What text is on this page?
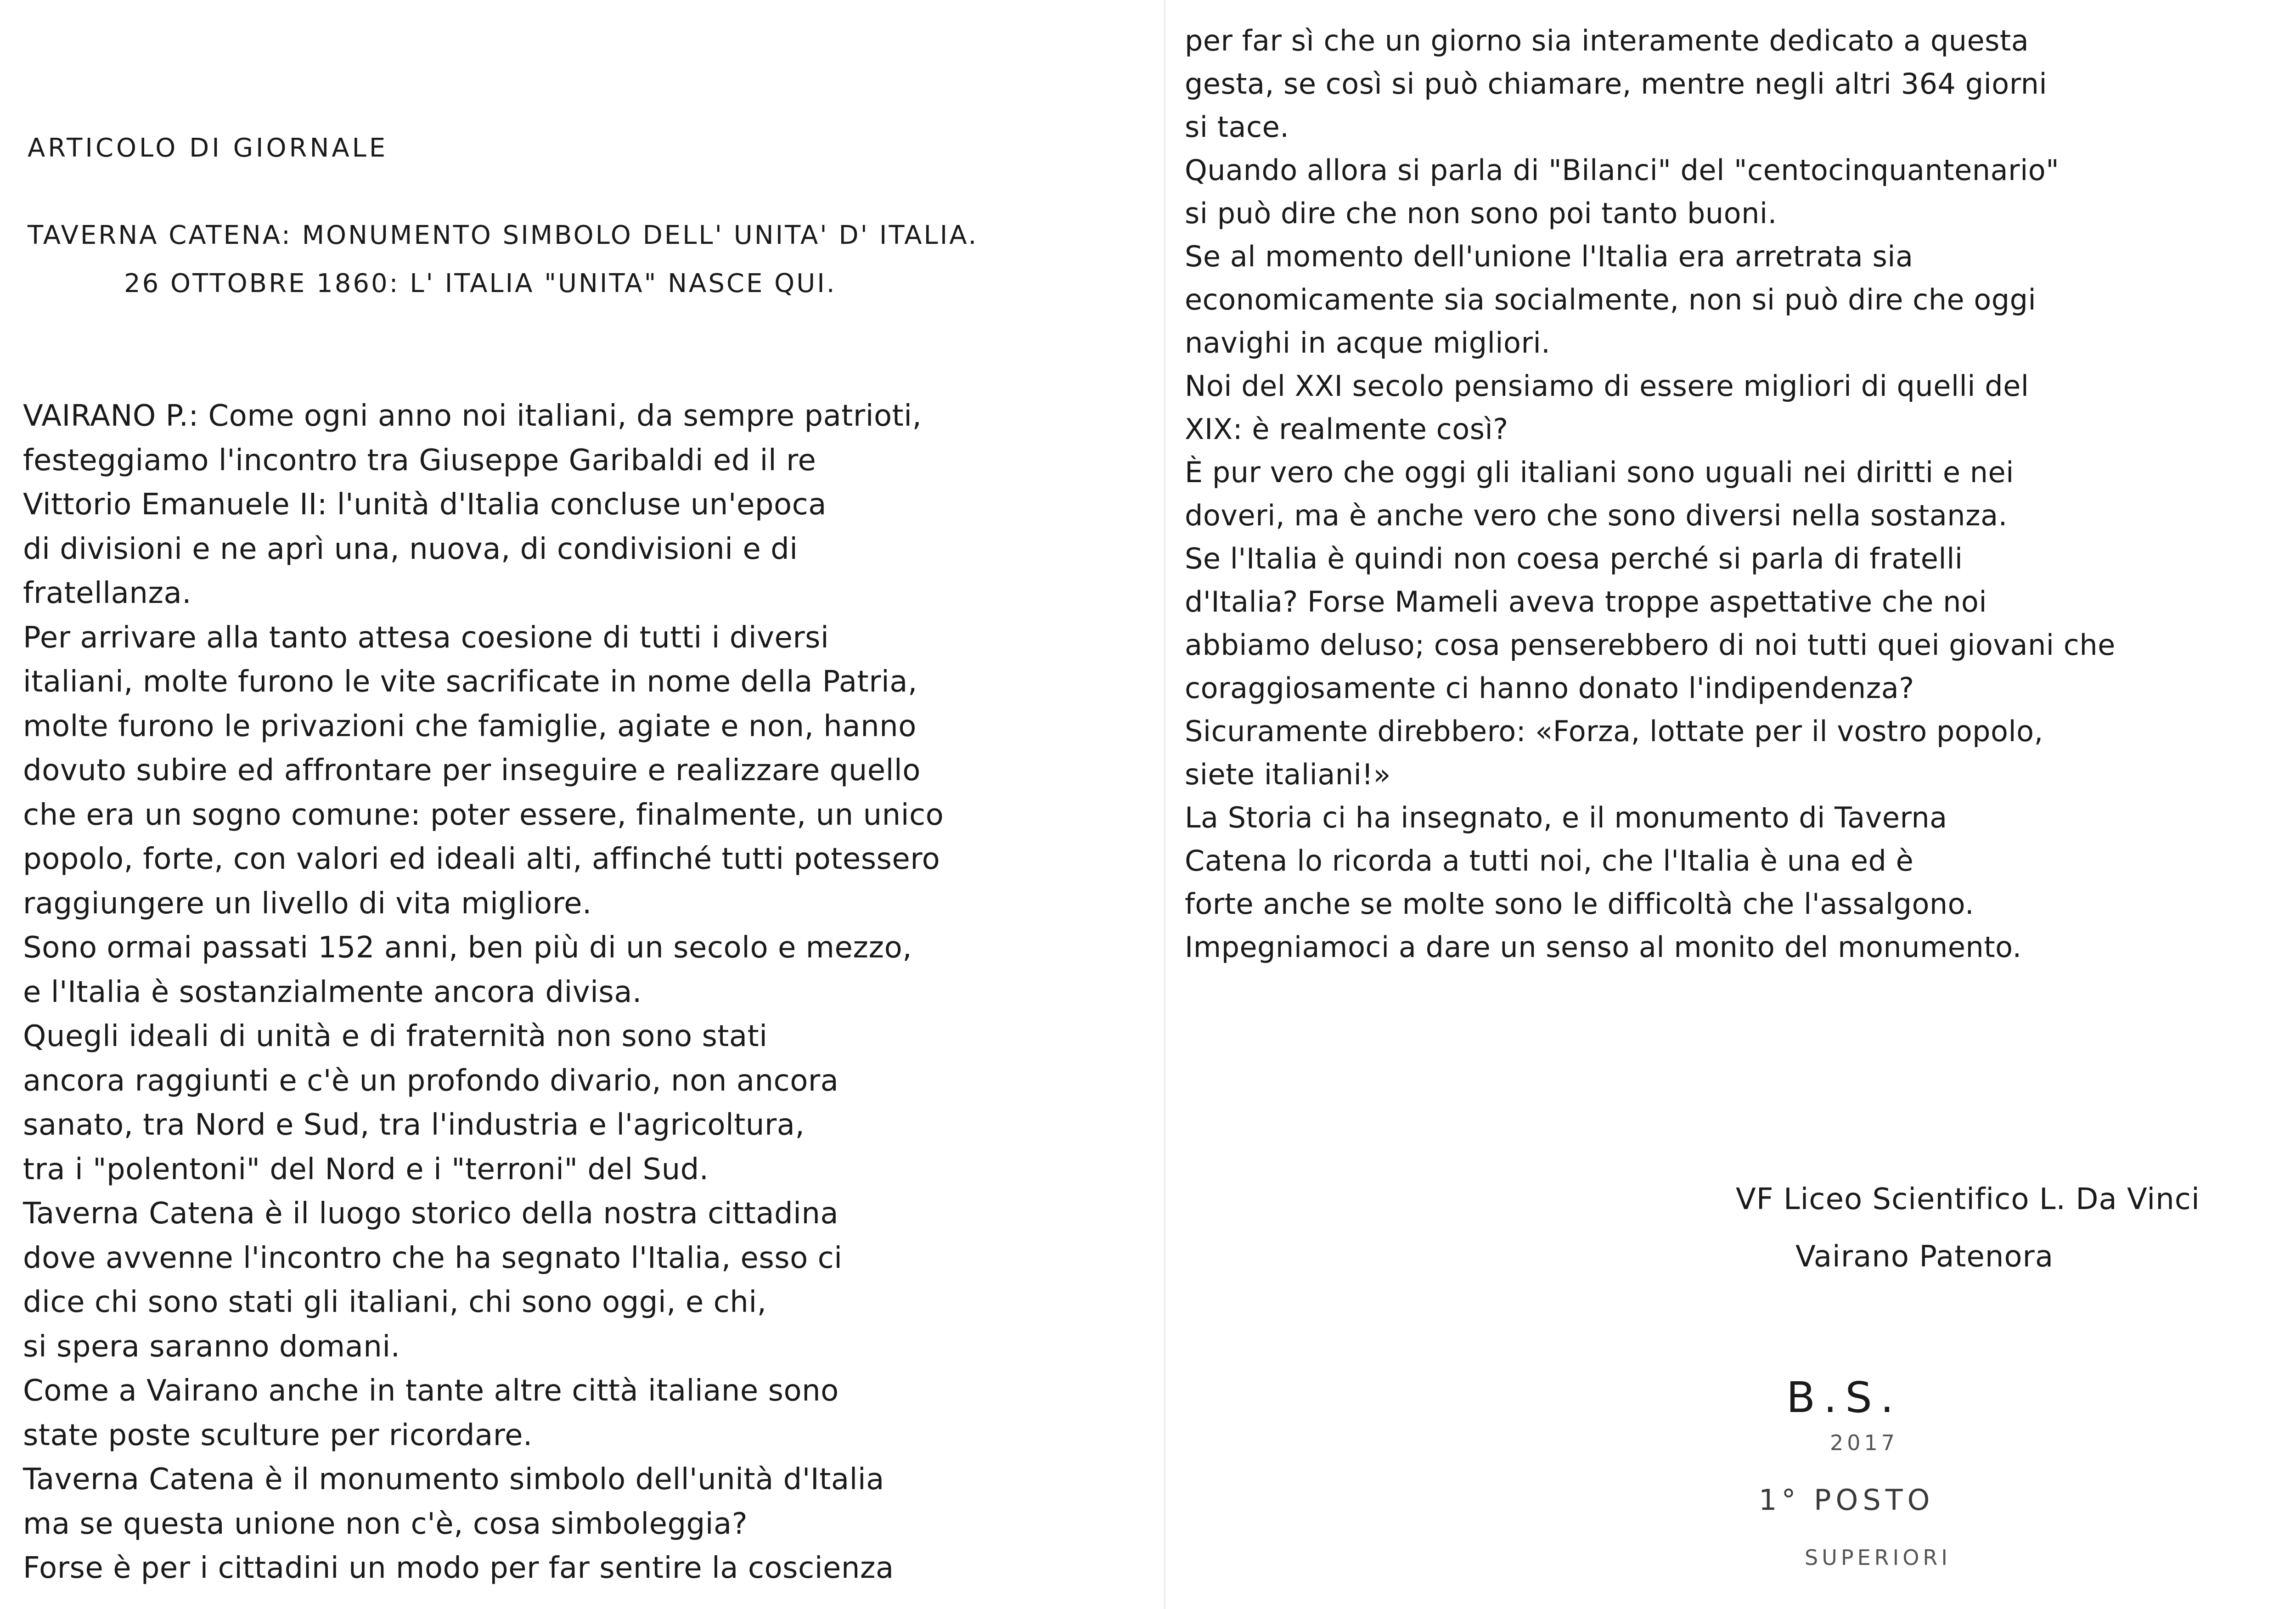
ARTICOLO DI GIORNALE
TAVERNA CATENA: MONUMENTO SIMBOLO DELL' UNITA' D' ITALIA.
26 OTTOBRE 1860: L' ITALIA "UNITA" NASCE QUI.
VAIRANO P.: Come ogni anno noi italiani, da sempre patrioti,
festeggiamo l'incontro tra Giuseppe Garibaldi ed il re
Vittorio Emanuele II: l'unità d'Italia concluse un'epoca
di divisioni e ne aprì una, nuova, di condivisioni e di
fratellanza.
Per arrivare alla tanto attesa coesione di tutti i diversi
italiani, molte furono le vite sacrificate in nome della Patria,
molte furono le privazioni che famiglie, agiate e non, hanno
dovuto subire ed affrontare per inseguire e realizzare quello
che era un sogno comune: poter essere, finalmente, un unico
popolo, forte, con valori ed ideali alti, affinché tutti potessero
raggiungere un livello di vita migliore.
Sono ormai passati 152 anni, ben più di un secolo e mezzo,
e l'Italia è sostanzialmente ancora divisa.
Quegli ideali di unità e di fraternità non sono stati
ancora raggiunti e c'è un profondo divario, non ancora
sanato, tra Nord e Sud, tra l'industria e l'agricoltura,
tra i "polentoni" del Nord e i "terroni" del Sud.
Taverna Catena è il luogo storico della nostra cittadina
dove avvenne l'incontro che ha segnato l'Italia, esso ci
dice chi sono stati gli italiani, chi sono oggi, e chi,
si spera saranno domani.
Come a Vairano anche in tante altre città italiane sono
state poste sculture per ricordare.
Taverna Catena è il monumento simbolo dell'unità d'Italia
ma se questa unione non c'è, cosa simboleggia?
Forse è per i cittadini un modo per far sentire la coscienza
per far sì che un giorno sia interamente dedicato a questa
gesta, se così si può chiamare, mentre negli altri 364 giorni
si tace.
Quando allora si parla di "Bilanci" del "centocinquantenario"
si può dire che non sono poi tanto buoni.
Se al momento dell'unione l'Italia era arretrata sia
economicamente sia socialmente, non si può dire che oggi
navighi in acque migliori.
Noi del XXI secolo pensiamo di essere migliori di quelli del
XIX: è realmente così?
È pur vero che oggi gli italiani sono uguali nei diritti e nei
doveri, ma è anche vero che sono diversi nella sostanza.
Se l'Italia è quindi non coesa perché si parla di fratelli
d'Italia? Forse Mameli aveva troppe aspettative che noi
abbiamo deluso; cosa penserebbero di noi tutti quei giovani che
coraggiosamente ci hanno donato l'indipendenza?
Sicuramente direbbero: «Forza, lottate per il vostro popolo,
siete italiani!»
La Storia ci ha insegnato, e il monumento di Taverna
Catena lo ricorda a tutti noi, che l'Italia è una ed è
forte anche se molte sono le difficoltà che l'assalgono.
Impegniamoci a dare un senso al monito del monumento.
VF Liceo Scientifico L. Da Vinci
Vairano Patenora
B.S.
2017
1° POSTO
SUPERIORI
